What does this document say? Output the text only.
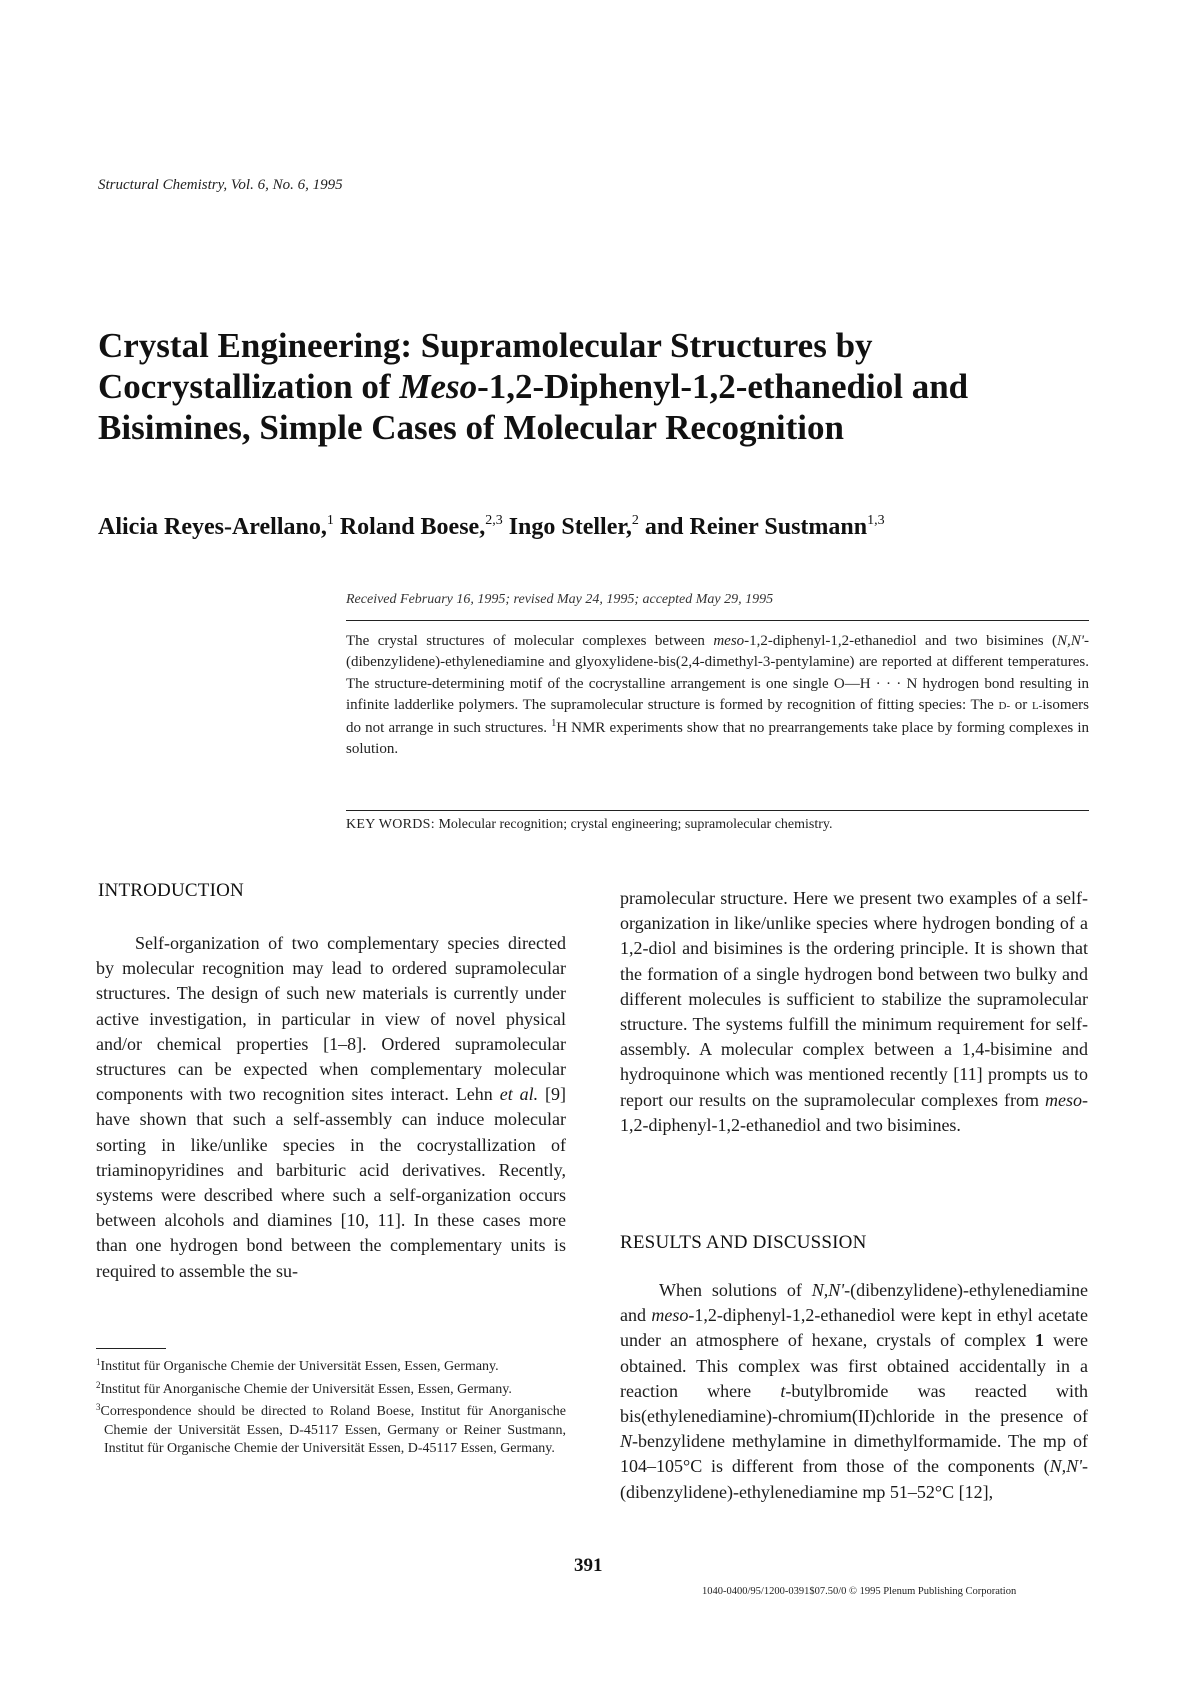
Structural Chemistry, Vol. 6, No. 6, 1995
Crystal Engineering: Supramolecular Structures by
Cocrystallization of Meso-1,2-Diphenyl-1,2-ethanediol and
Bisimines, Simple Cases of Molecular Recognition
Alicia Reyes-Arellano,$^1$ Roland Boese,$^{2,3}$ Ingo Steller,$^2$ and Reiner Sustmann$^{1,3}$
Received February 16, 1995; revised May 24, 1995; accepted May 29, 1995
The crystal structures of molecular complexes between meso-1,2-diphenyl-1,2-ethanediol and two bisimines (N,N'-(dibenzylidene)-ethylenediamine and glyoxylidene-bis(2,4-dimethyl-3-pentylamine) are reported at different temperatures. The structure-determining motif of the cocrystalline arrangement is one single O—H · · · N hydrogen bond resulting in infinite ladderlike polymers. The supramolecular structure is formed by recognition of fitting species: The D- or L-isomers do not arrange in such structures. $^1$H NMR experiments show that no prearrangements take place by forming complexes in solution.
KEY WORDS: Molecular recognition; crystal engineering; supramolecular chemistry.
INTRODUCTION

Self-organization of two complementary species directed by molecular recognition may lead to ordered supramolecular structures. The design of such new materials is currently under active investigation, in particular in view of novel physical and/or chemical properties [1–8]. Ordered supramolecular structures can be expected when complementary molecular components with two recognition sites interact. Lehn et al. [9] have shown that such a self-assembly can induce molecular sorting in like/unlike species in the cocrystallization of triaminopyridines and barbituric acid derivatives. Recently, systems were described where such a self-organization occurs between alcohols and diamines [10, 11]. In these cases more than one hydrogen bond between the complementary units is required to assemble the su-

pramolecular structure. Here we present two examples of a self-organization in like/unlike species where hydrogen bonding of a 1,2-diol and bisimines is the ordering principle. It is shown that the formation of a single hydrogen bond between two bulky and different molecules is sufficient to stabilize the supramolecular structure. The systems fulfill the minimum requirement for self-assembly. A molecular complex between a 1,4-bisimine and hydroquinone which was mentioned recently [11] prompts us to report our results on the supramolecular complexes from meso-1,2-diphenyl-1,2-ethanediol and two bisimines.

RESULTS AND DISCUSSION

When solutions of N,N'-(dibenzylidene)-ethylenediamine and meso-1,2-diphenyl-1,2-ethanediol were kept in ethyl acetate under an atmosphere of hexane, crystals of complex 1 were obtained. This complex was first obtained accidentally in a reaction where t-butylbromide was reacted with bis(ethylenediamine)-chromium(II)chloride in the presence of N-benzylidene methylamine in dimethylformamide. The mp of 104–105°C is different from those of the components (N,N'-(dibenzylidene)-ethylenediamine mp 51–52°C [12],

$^1$Institut für Organische Chemie der Universität Essen, Essen, Germany.
$^2$Institut für Anorganische Chemie der Universität Essen, Essen, Germany.
$^3$Correspondence should be directed to Roland Boese, Institut für Anorganische Chemie der Universität Essen, D-45117 Essen, Germany or Reiner Sustmann, Institut für Organische Chemie der Universität Essen, D-45117 Essen, Germany.
391
1040-0400/95/1200-0391$07.50/0 © 1995 Plenum Publishing Corporation
